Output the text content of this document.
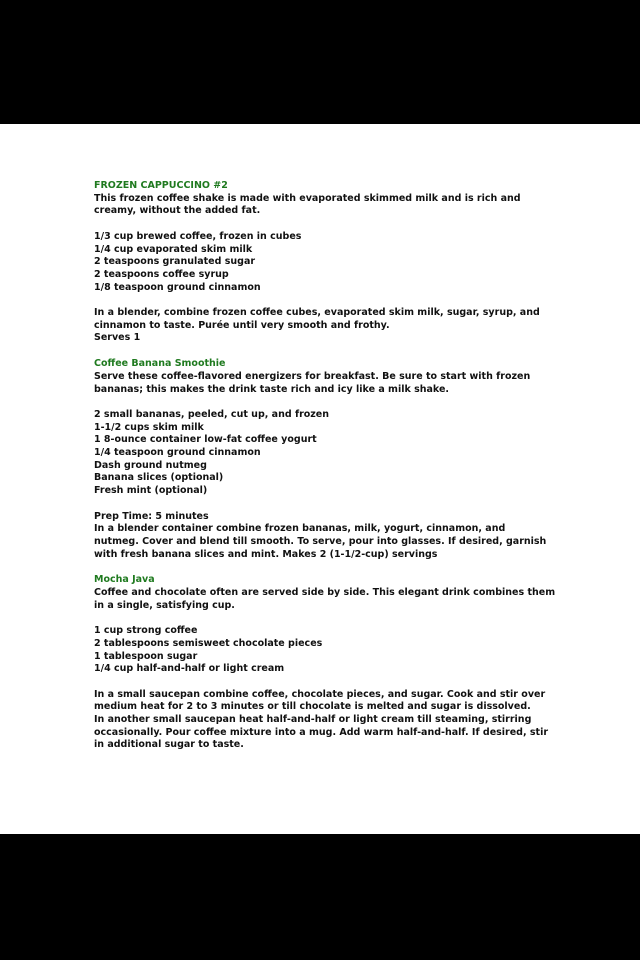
FROZEN CAPPUCCINO #2
This frozen coffee shake is made with evaporated skimmed milk and is rich and
creamy, without the added fat.
1/3 cup brewed coffee, frozen in cubes
1/4 cup evaporated skim milk
2 teaspoons granulated sugar
2 teaspoons coffee syrup
1/8 teaspoon ground cinnamon
In a blender, combine frozen coffee cubes, evaporated skim milk, sugar, syrup, and
cinnamon to taste. Purée until very smooth and frothy.
Serves 1
Coffee Banana Smoothie
Serve these coffee-flavored energizers for breakfast. Be sure to start with frozen
bananas; this makes the drink taste rich and icy like a milk shake.
2 small bananas, peeled, cut up, and frozen
1-1/2 cups skim milk
1 8-ounce container low-fat coffee yogurt
1/4 teaspoon ground cinnamon
Dash ground nutmeg
Banana slices (optional)
Fresh mint (optional)
Prep Time: 5 minutes
In a blender container combine frozen bananas, milk, yogurt, cinnamon, and
nutmeg. Cover and blend till smooth. To serve, pour into glasses. If desired, garnish
with fresh banana slices and mint. Makes 2 (1-1/2-cup) servings
Mocha Java
Coffee and chocolate often are served side by side. This elegant drink combines them
in a single, satisfying cup.
1 cup strong coffee
2 tablespoons semisweet chocolate pieces
1 tablespoon sugar
1/4 cup half-and-half or light cream
In a small saucepan combine coffee, chocolate pieces, and sugar. Cook and stir over
medium heat for 2 to 3 minutes or till chocolate is melted and sugar is dissolved.
In another small saucepan heat half-and-half or light cream till steaming, stirring
occasionally. Pour coffee mixture into a mug. Add warm half-and-half. If desired, stir
in additional sugar to taste.
